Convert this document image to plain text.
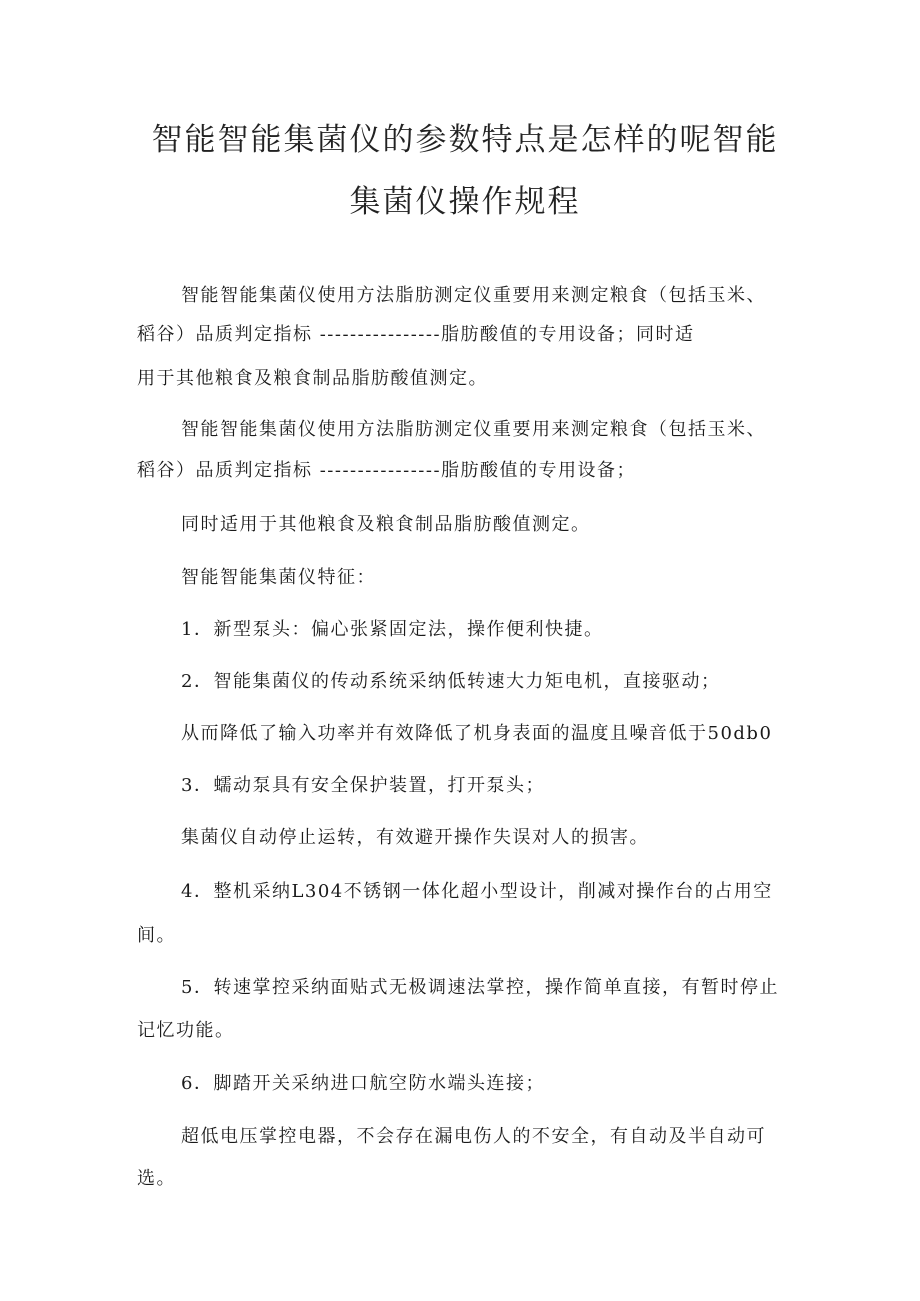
智能智能集菌仪的参数特点是怎样的呢智能
集菌仪操作规程
智能智能集菌仪使用方法脂肪测定仪重要用来测定粮食（包括玉米、
稻谷）品质判定指标 ----------------脂肪酸值的专用设备；同时适
用于其他粮食及粮食制品脂肪酸值测定。
智能智能集菌仪使用方法脂肪测定仪重要用来测定粮食（包括玉米、
稻谷）品质判定指标 ----------------脂肪酸值的专用设备；
同时适用于其他粮食及粮食制品脂肪酸值测定。
智能智能集菌仪特征：
1．新型泵头：偏心张紧固定法，操作便利快捷。
2．智能集菌仪的传动系统采纳低转速大力矩电机，直接驱动；
从而降低了输入功率并有效降低了机身表面的温度且噪音低于50db0
3．蠕动泵具有安全保护装置，打开泵头；
集菌仪自动停止运转，有效避开操作失误对人的损害。
4．整机采纳L304不锈钢一体化超小型设计，削减对操作台的占用空
间。
5．转速掌控采纳面贴式无极调速法掌控，操作简单直接，有暂时停止
记忆功能。
6．脚踏开关采纳进口航空防水端头连接；
超低电压掌控电器，不会存在漏电伤人的不安全，有自动及半自动可
选。
